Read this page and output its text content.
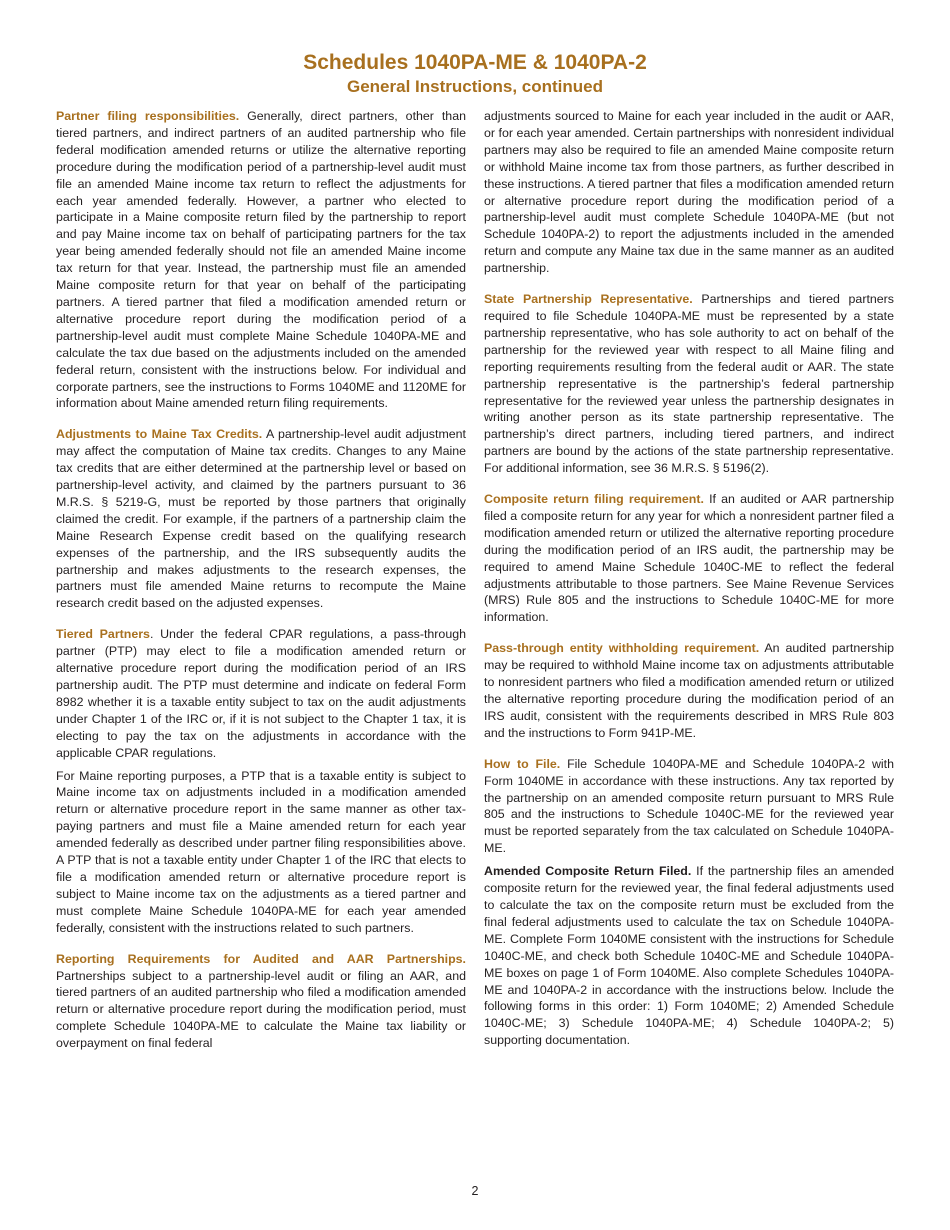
Schedules 1040PA-ME & 1040PA-2
General Instructions, continued

Partner filing responsibilities. Generally, direct partners, other than tiered partners, and indirect partners of an audited partnership who file federal modification amended returns or utilize the alternative reporting procedure during the modification period of a partnership-level audit must file an amended Maine income tax return to reflect the adjustments for each year amended federally. However, a partner who elected to participate in a Maine composite return filed by the partnership to report and pay Maine income tax on behalf of participating partners for the tax year being amended federally should not file an amended Maine income tax return for that year. Instead, the partnership must file an amended Maine composite return for that year on behalf of the participating partners. A tiered partner that filed a modification amended return or alternative procedure report during the modification period of a partnership-level audit must complete Maine Schedule 1040PA-ME and calculate the tax due based on the adjustments included on the amended federal return, consistent with the instructions below. For individual and corporate partners, see the instructions to Forms 1040ME and 1120ME for information about Maine amended return filing requirements.

Adjustments to Maine Tax Credits. A partnership-level audit adjustment may affect the computation of Maine tax credits. Changes to any Maine tax credits that are either determined at the partnership level or based on partnership-level activity, and claimed by the partners pursuant to 36 M.R.S. § 5219-G, must be reported by those partners that originally claimed the credit. For example, if the partners of a partnership claim the Maine Research Expense credit based on the qualifying research expenses of the partnership, and the IRS subsequently audits the partnership and makes adjustments to the research expenses, the partners must file amended Maine returns to recompute the Maine research credit based on the adjusted expenses.

Tiered Partners. Under the federal CPAR regulations, a pass-through partner (PTP) may elect to file a modification amended return or alternative procedure report during the modification period of an IRS partnership audit. The PTP must determine and indicate on federal Form 8982 whether it is a taxable entity subject to tax on the audit adjustments under Chapter 1 of the IRC or, if it is not subject to the Chapter 1 tax, it is electing to pay the tax on the adjustments in accordance with the applicable CPAR regulations.

For Maine reporting purposes, a PTP that is a taxable entity is subject to Maine income tax on adjustments included in a modification amended return or alternative procedure report in the same manner as other tax-paying partners and must file a Maine amended return for each year amended federally as described under partner filing responsibilities above. A PTP that is not a taxable entity under Chapter 1 of the IRC that elects to file a modification amended return or alternative procedure report is subject to Maine income tax on the adjustments as a tiered partner and must complete Maine Schedule 1040PA-ME for each year amended federally, consistent with the instructions related to such partners.

Reporting Requirements for Audited and AAR Partnerships. Partnerships subject to a partnership-level audit or filing an AAR, and tiered partners of an audited partnership who filed a modification amended return or alternative procedure report during the modification period, must complete Schedule 1040PA-ME to calculate the Maine tax liability or overpayment on final federal

adjustments sourced to Maine for each year included in the audit or AAR, or for each year amended. Certain partnerships with nonresident individual partners may also be required to file an amended Maine composite return or withhold Maine income tax from those partners, as further described in these instructions. A tiered partner that files a modification amended return or alternative procedure report during the modification period of a partnership-level audit must complete Schedule 1040PA-ME (but not Schedule 1040PA-2) to report the adjustments included in the amended return and compute any Maine tax due in the same manner as an audited partnership.

State Partnership Representative. Partnerships and tiered partners required to file Schedule 1040PA-ME must be represented by a state partnership representative, who has sole authority to act on behalf of the partnership for the reviewed year with respect to all Maine filing and reporting requirements resulting from the federal audit or AAR. The state partnership representative is the partnership’s federal partnership representative for the reviewed year unless the partnership designates in writing another person as its state partnership representative. The partnership’s direct partners, including tiered partners, and indirect partners are bound by the actions of the state partnership representative. For additional information, see 36 M.R.S. § 5196(2).

Composite return filing requirement. If an audited or AAR partnership filed a composite return for any year for which a nonresident partner filed a modification amended return or utilized the alternative reporting procedure during the modification period of an IRS audit, the partnership may be required to amend Maine Schedule 1040C-ME to reflect the federal adjustments attributable to those partners. See Maine Revenue Services (MRS) Rule 805 and the instructions to Schedule 1040C-ME for more information.

Pass-through entity withholding requirement. An audited partnership may be required to withhold Maine income tax on adjustments attributable to nonresident partners who filed a modification amended return or utilized the alternative reporting procedure during the modification period of an IRS audit, consistent with the requirements described in MRS Rule 803 and the instructions to Form 941P-ME.

How to File. File Schedule 1040PA-ME and Schedule 1040PA-2 with Form 1040ME in accordance with these instructions. Any tax reported by the partnership on an amended composite return pursuant to MRS Rule 805 and the instructions to Schedule 1040C-ME for the reviewed year must be reported separately from the tax calculated on Schedule 1040PA-ME.

Amended Composite Return Filed. If the partnership files an amended composite return for the reviewed year, the final federal adjustments used to calculate the tax on the composite return must be excluded from the final federal adjustments used to calculate the tax on Schedule 1040PA-ME. Complete Form 1040ME consistent with the instructions for Schedule 1040C-ME, and check both Schedule 1040C-ME and Schedule 1040PA-ME boxes on page 1 of Form 1040ME. Also complete Schedules 1040PA-ME and 1040PA-2 in accordance with the instructions below. Include the following forms in this order: 1) Form 1040ME; 2) Amended Schedule 1040C-ME; 3) Schedule 1040PA-ME; 4) Schedule 1040PA-2; 5) supporting documentation.

2
